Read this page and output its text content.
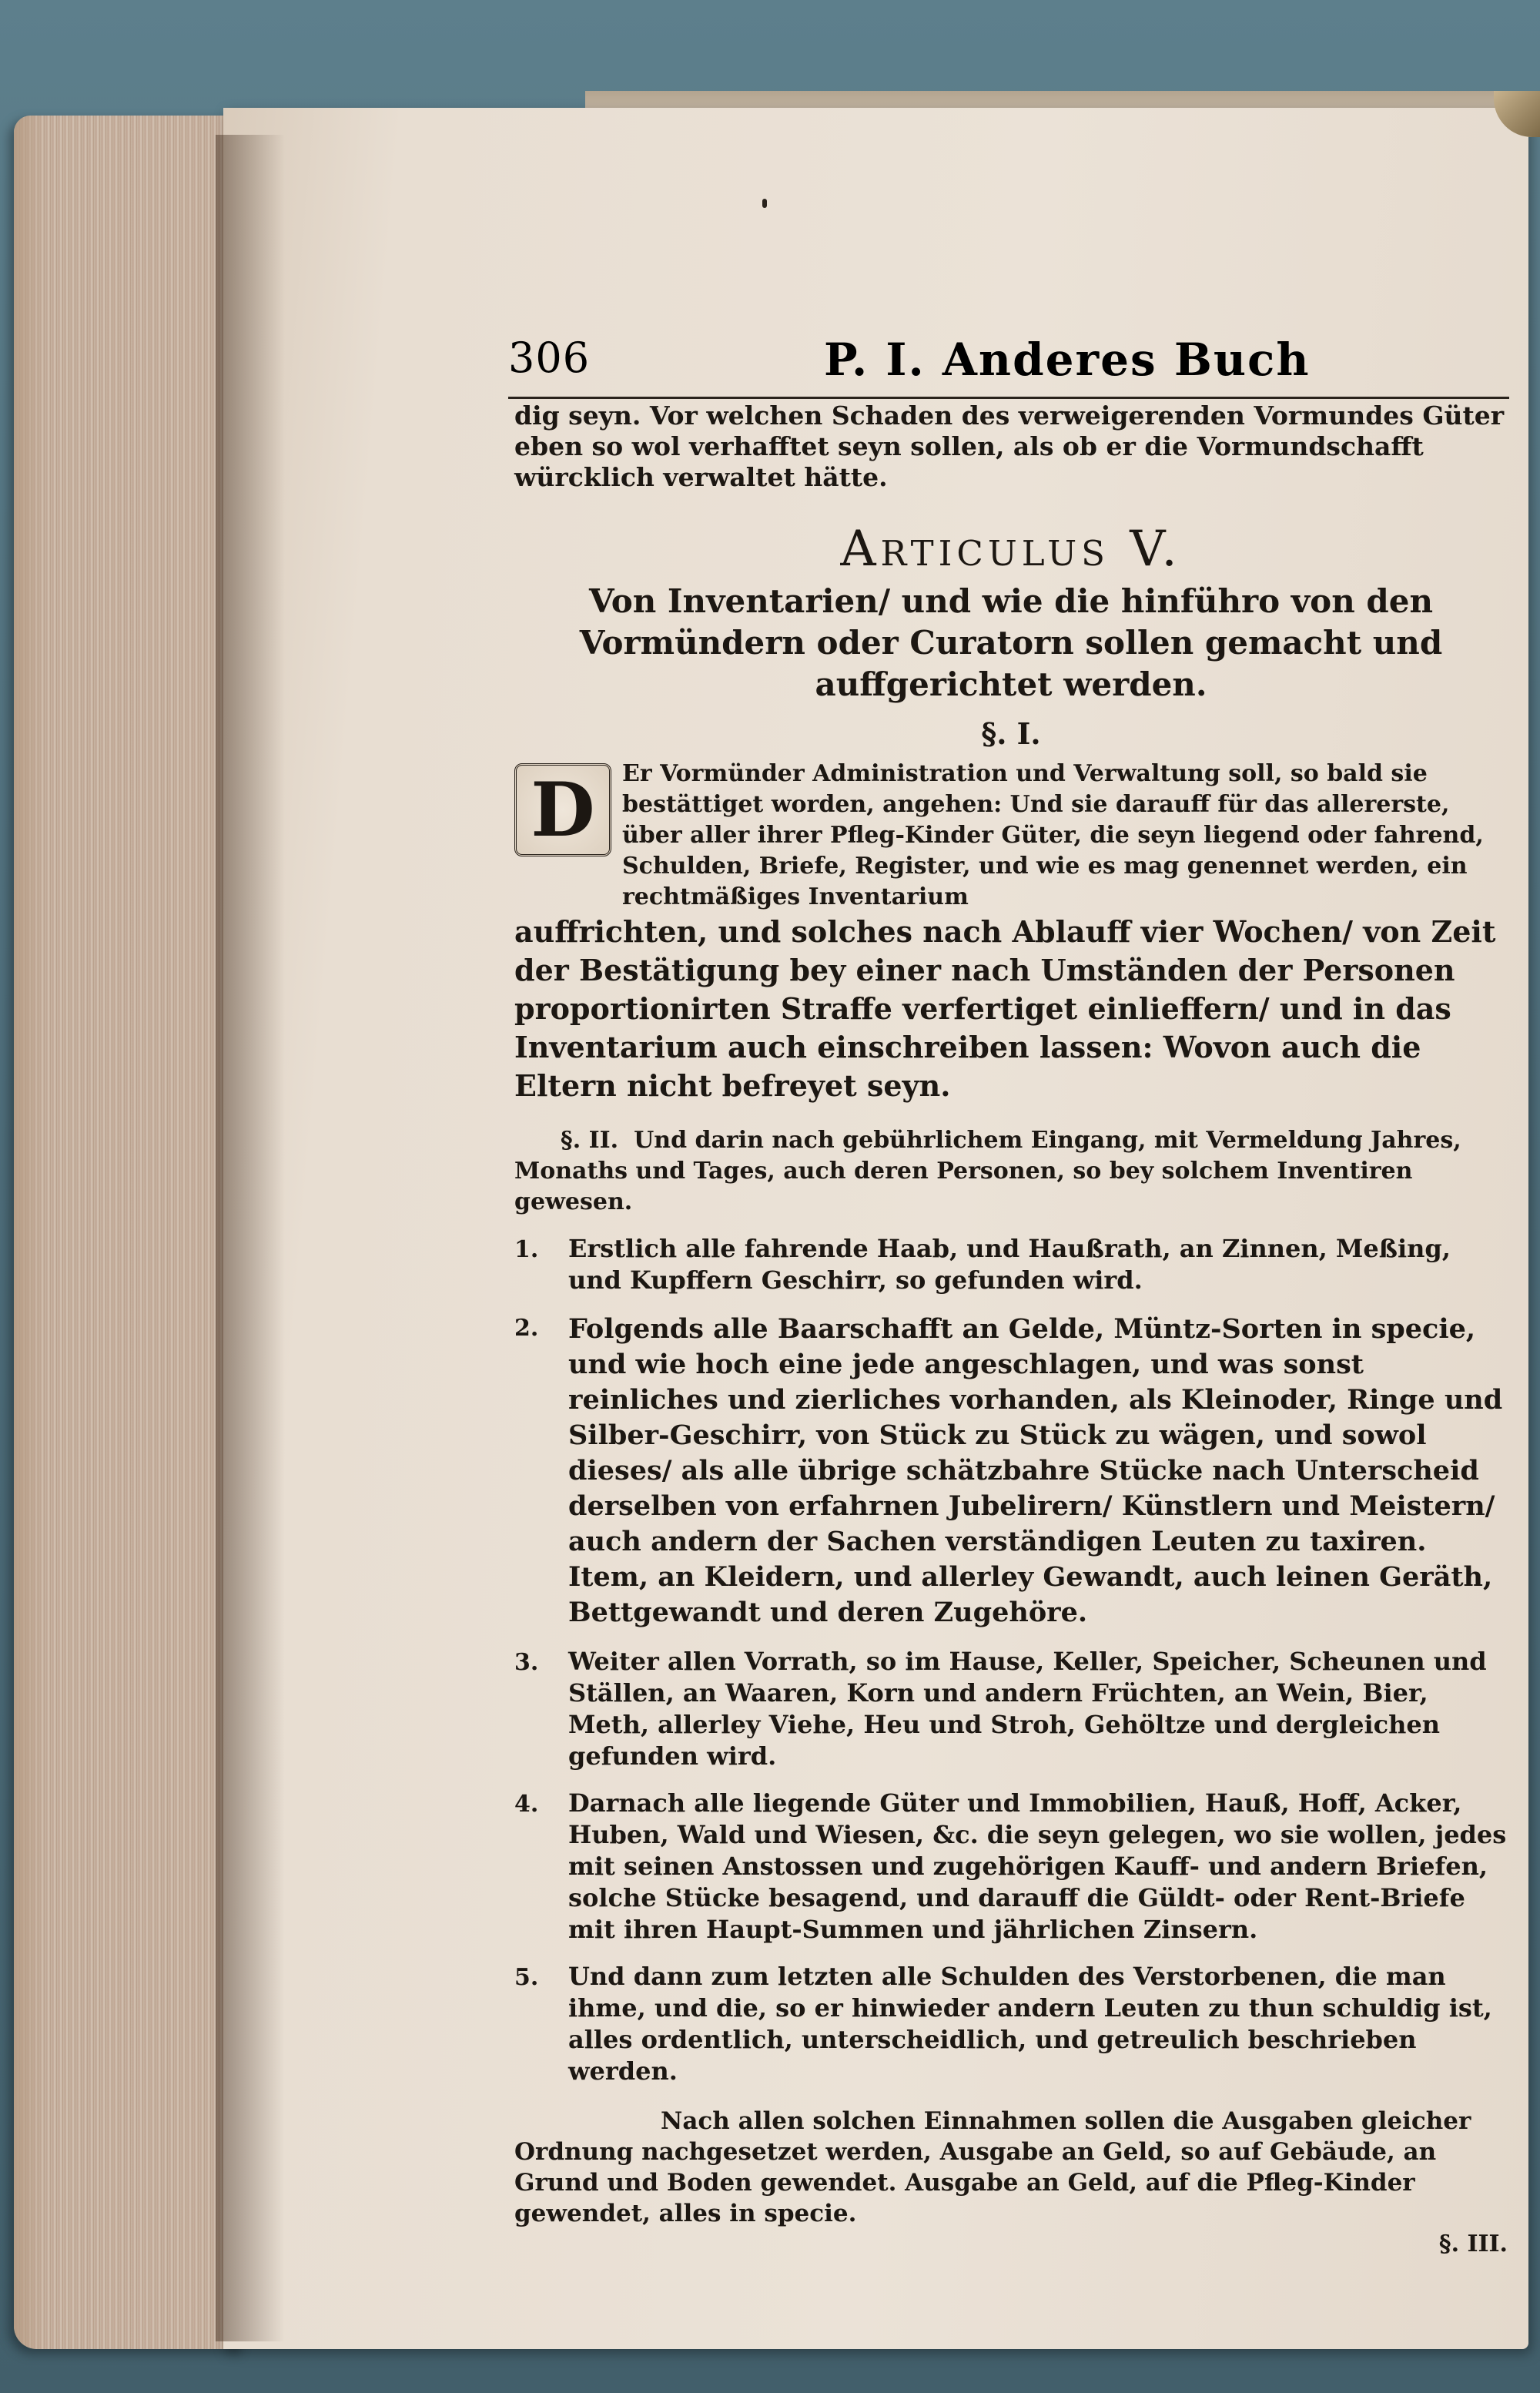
306	P. I. Anderes Buch

dig seyn. Vor welchen Schaden des verweigerenden Vormundes Güter eben so wol verhafftet seyn sollen, als ob er die Vormundschafft würcklich verwaltet hätte.

Articulus V.
Von Inventarien/ und wie die hinführo von den Vormündern oder Curatorn sollen gemacht und auffgerichtet werden.
§. I.
D	Er Vormünder Administration und Verwaltung soll, so bald sie bestättiget worden, angehen: Und sie darauff für das allererste, über aller ihrer Pfleg-Kinder Güter, die seyn liegend oder fahrend, Schulden, Briefe, Register, und wie es mag genennet werden, ein rechtmäßiges Inventarium

auffrichten, und solches nach Ablauff vier Wochen/ von Zeit der Bestätigung bey einer nach Umständen der Personen proportionirten Straffe verfertiget einlieffern/ und in das Inventarium auch einschreiben lassen: Wovon auch die Eltern nicht befreyet seyn.

§. II. Und darin nach gebührlichem Eingang, mit Vermeldung Jahres, Monaths und Tages, auch deren Personen, so bey solchem Inventiren gewesen.

1.	Erstlich alle fahrende Haab, und Haußrath, an Zinnen, Meßing, und Kupffern Geschirr, so gefunden wird.
2.	Folgends alle Baarschafft an Gelde, Müntz-Sorten in specie, und wie hoch eine jede angeschlagen, und was sonst reinliches und zierliches vorhanden, als Kleinoder, Ringe und Silber-Geschirr, von Stück zu Stück zu wägen, und sowol dieses/ als alle übrige schätzbahre Stücke nach Unterscheid derselben von erfahrnen Jubelirern/ Künstlern und Meistern/ auch andern der Sachen verständigen Leuten zu taxiren. Item, an Kleidern, und allerley Gewandt, auch leinen Geräth, Bettgewandt und deren Zugehöre.
3.	Weiter allen Vorrath, so im Hause, Keller, Speicher, Scheunen und Ställen, an Waaren, Korn und andern Früchten, an Wein, Bier, Meth, allerley Viehe, Heu und Stroh, Gehöltze und dergleichen gefunden wird.
4.	Darnach alle liegende Güter und Immobilien, Hauß, Hoff, Acker, Huben, Wald und Wiesen, &c. die seyn gelegen, wo sie wollen, jedes mit seinen Anstossen und zugehörigen Kauff- und andern Briefen, solche Stücke besagend, und darauff die Güldt- oder Rent-Briefe mit ihren Haupt-Summen und jährlichen Zinsern.
5.	Und dann zum letzten alle Schulden des Verstorbenen, die man ihme, und die, so er hinwieder andern Leuten zu thun schuldig ist, alles ordentlich, unterscheidlich, und getreulich beschrieben werden.

Nach allen solchen Einnahmen sollen die Ausgaben gleicher Ordnung nachgesetzet werden, Ausgabe an Geld, so auf Gebäude, an Grund und Boden gewendet. Ausgabe an Geld, auf die Pfleg-Kinder gewendet, alles in specie.

§. III.
